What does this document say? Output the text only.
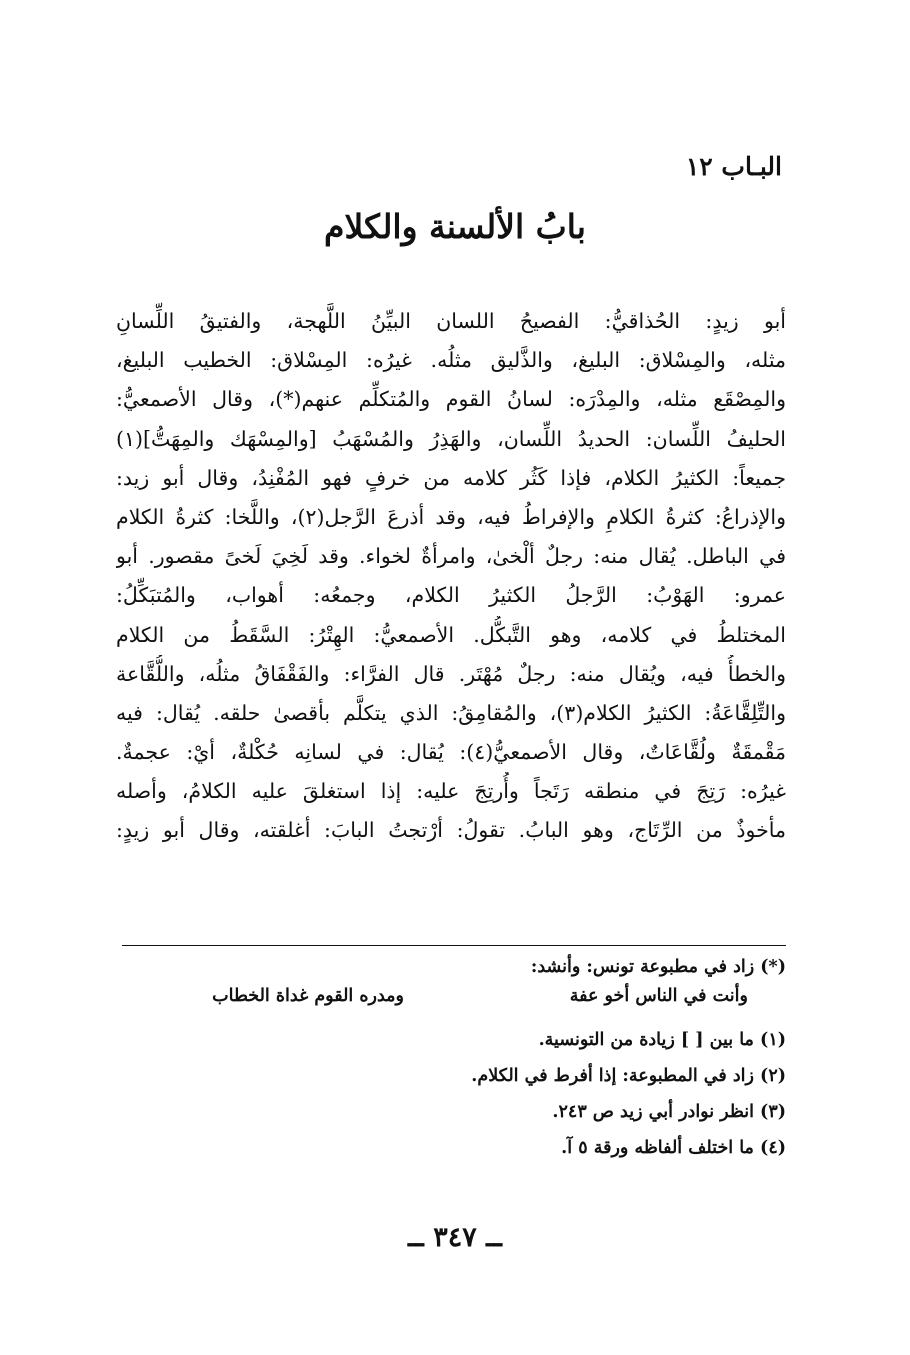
البـاب ١٢
بابُ الألسنة والكلام
أبو زيدٍ: الحُذاقيُّ: الفصيحُ اللسان البيِّنُ اللَّهجة، والفتيقُ اللِّسانِ
مثله، والمِسْلاق: البليغ، والذَّليق مثلُه. غيرُه: المِسْلاق: الخطيب البليغ،
والمِصْقَع مثله، والمِدْرَه: لسانُ القوم والمُتكلِّم عنهم(*)، وقال الأصمعيُّ:
الحليفُ اللِّسان: الحديدُ اللِّسان، والهَذِرُ والمُسْهَبُ [والمِسْهَك والمِهَتُّ](١)
جميعاً: الكثيرُ الكلام، فإذا كَثُر كلامه من خرفٍ فهو المُفْنِدُ، وقال أبو زيد:
والإذراعُ: كثرةُ الكلامِ والإفراطُ فيه، وقد أذرعَ الرَّجل(٢)، واللَّخا: كثرةُ الكلام
في الباطل. يُقال منه: رجلٌ ألْخىٰ، وامرأةٌ لخواء. وقد لَخِيَ لَخىً مقصور. أبو
عمرو: الهَوْبُ: الرَّجلُ الكثيرُ الكلام، وجمعُه: أهواب، والمُتبَكِّلُ:
المختلطُ في كلامه، وهو التَّبكُّل. الأصمعيُّ: الهِتْرُ: السَّقَطُ من الكلام
والخطأُ فيه، ويُقال منه: رجلٌ مُهْتَر. قال الفرَّاء: والفَقْفَاقُ مثلُه، واللُّقَّاعة
والتِّلِقَّاعَةُ: الكثيرُ الكلام(٣)، والمُقامِقُ: الذي يتكلَّم بأقصىٰ حلقه. يُقال: فيه
مَقْمقَةٌ ولُقَّاعَاتٌ، وقال الأصمعيُّ(٤): يُقال: في لسانِه حُكْلةٌ، أيْ: عجمةٌ.
غيرُه: رَتِجَ في منطقه رَتَجاً وأُرتِجَ عليه: إذا استغلقَ عليه الكلامُ، وأصله
مأخوذٌ من الرِّتَاج، وهو البابُ. تقولُ: أرْتجتُ البابَ: أغلقته، وقال أبو زيدٍ:
(*) زاد في مطبوعة تونس: وأنشد:
وأنت في الناس أخو عفة
ومدره القوم غداة الخطاب
(١) ما بين [ ] زيادة من التونسية.
(٢) زاد في المطبوعة: إذا أفرط في الكلام.
(٣) انظر نوادر أبي زيد ص ٢٤٣.
(٤) ما اختلف ألفاظه ورقة ٥ آ.
ــ ٣٤٧ ــ
